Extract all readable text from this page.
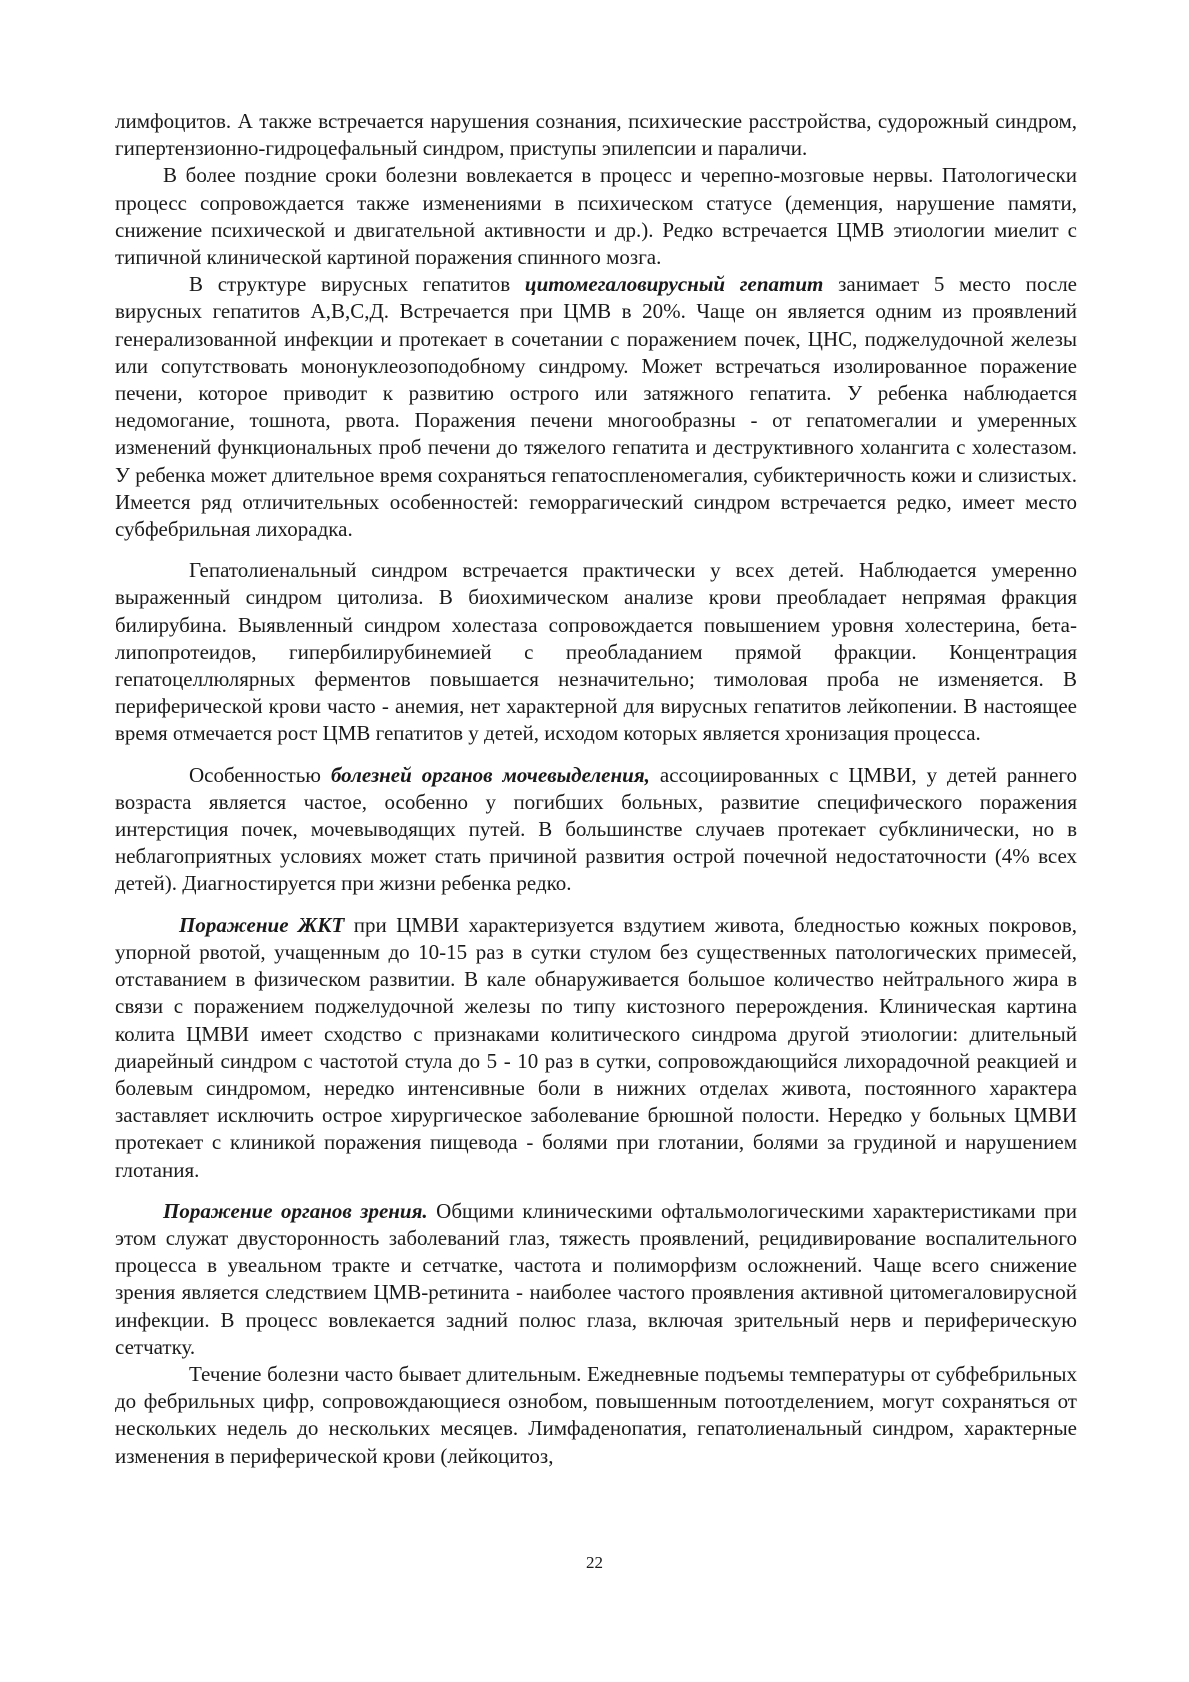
лимфоцитов. А также встречается нарушения сознания, психические расстройства, судорожный синдром, гипертензионно-гидроцефальный синдром, приступы эпилепсии и параличи.

В более поздние сроки болезни вовлекается в процесс и черепно-мозговые нервы. Патологически процесс сопровождается также изменениями в психическом статусе (деменция, нарушение памяти, снижение психической и двигательной активности и др.). Редко встречается ЦМВ этиологии миелит с типичной клинической картиной поражения спинного мозга.

В структуре вирусных гепатитов цитомегаловирусный гепатит занимает 5 место после вирусных гепатитов А,В,С,Д. Встречается при ЦМВ в 20%. Чаще он является одним из проявлений генерализованной инфекции и протекает в сочетании с поражением почек, ЦНС, поджелудочной железы или сопутствовать мононуклеозоподобному синдрому. Может встречаться изолированное поражение печени, которое приводит к развитию острого или затяжного гепатита. У ребенка наблюдается недомогание, тошнота, рвота. Поражения печени многообразны - от гепатомегалии и умеренных изменений функциональных проб печени до тяжелого гепатита и деструктивного холангита с холестазом. У ребенка может длительное время сохраняться гепатоспленомегалия, субиктеричность кожи и слизистых. Имеется ряд отличительных особенностей: геморрагический синдром встречается редко, имеет место субфебрильная лихорадка.

Гепатолиенальный синдром встречается практически у всех детей. Наблюдается умеренно выраженный синдром цитолиза. В биохимическом анализе крови преобладает непрямая фракция билирубина. Выявленный синдром холестаза сопровождается повышением уровня холестерина, бета-липопротеидов, гипербилирубинемией с преобладанием прямой фракции. Концентрация гепатоцеллюлярных ферментов повышается незначительно; тимоловая проба не изменяется. В периферической крови часто - анемия, нет характерной для вирусных гепатитов лейкопении. В настоящее время отмечается рост ЦМВ гепатитов у детей, исходом которых является хронизация процесса.

Особенностью болезней органов мочевыделения, ассоциированных с ЦМВИ, у детей раннего возраста является частое, особенно у погибших больных, развитие специфического поражения интерстиция почек, мочевыводящих путей. В большинстве случаев протекает субклинически, но в неблагоприятных условиях может стать причиной развития острой почечной недостаточности (4% всех детей). Диагностируется при жизни ребенка редко.

Поражение ЖКТ при ЦМВИ характеризуется вздутием живота, бледностью кожных покровов, упорной рвотой, учащенным до 10-15 раз в сутки стулом без существенных патологических примесей, отставанием в физическом развитии. В кале обнаруживается большое количество нейтрального жира в связи с поражением поджелудочной железы по типу кистозного перерождения. Клиническая картина колита ЦМВИ имеет сходство с признаками колитического синдрома другой этиологии: длительный диарейный синдром с частотой стула до 5 - 10 раз в сутки, сопровождающийся лихорадочной реакцией и болевым синдромом, нередко интенсивные боли в нижних отделах живота, постоянного характера заставляет исключить острое хирургическое заболевание брюшной полости. Нередко у больных ЦМВИ протекает с клиникой поражения пищевода - болями при глотании, болями за грудиной и нарушением глотания.

Поражение органов зрения. Общими клиническими офтальмологическими характеристиками при этом служат двусторонность заболеваний глаз, тяжесть проявлений, рецидивирование воспалительного процесса в увеальном тракте и сетчатке, частота и полиморфизм осложнений. Чаще всего снижение зрения является следствием ЦМВ-ретинита - наиболее частого проявления активной цитомегаловирусной инфекции. В процесс вовлекается задний полюс глаза, включая зрительный нерв и периферическую сетчатку.

Течение болезни часто бывает длительным. Ежедневные подъемы температуры от субфебрильных до фебрильных цифр, сопровождающиеся ознобом, повышенным потоотделением, могут сохраняться от нескольких недель до нескольких месяцев. Лимфаденопатия, гепатолиенальный синдром, характерные изменения в периферической крови (лейкоцитоз,

22
